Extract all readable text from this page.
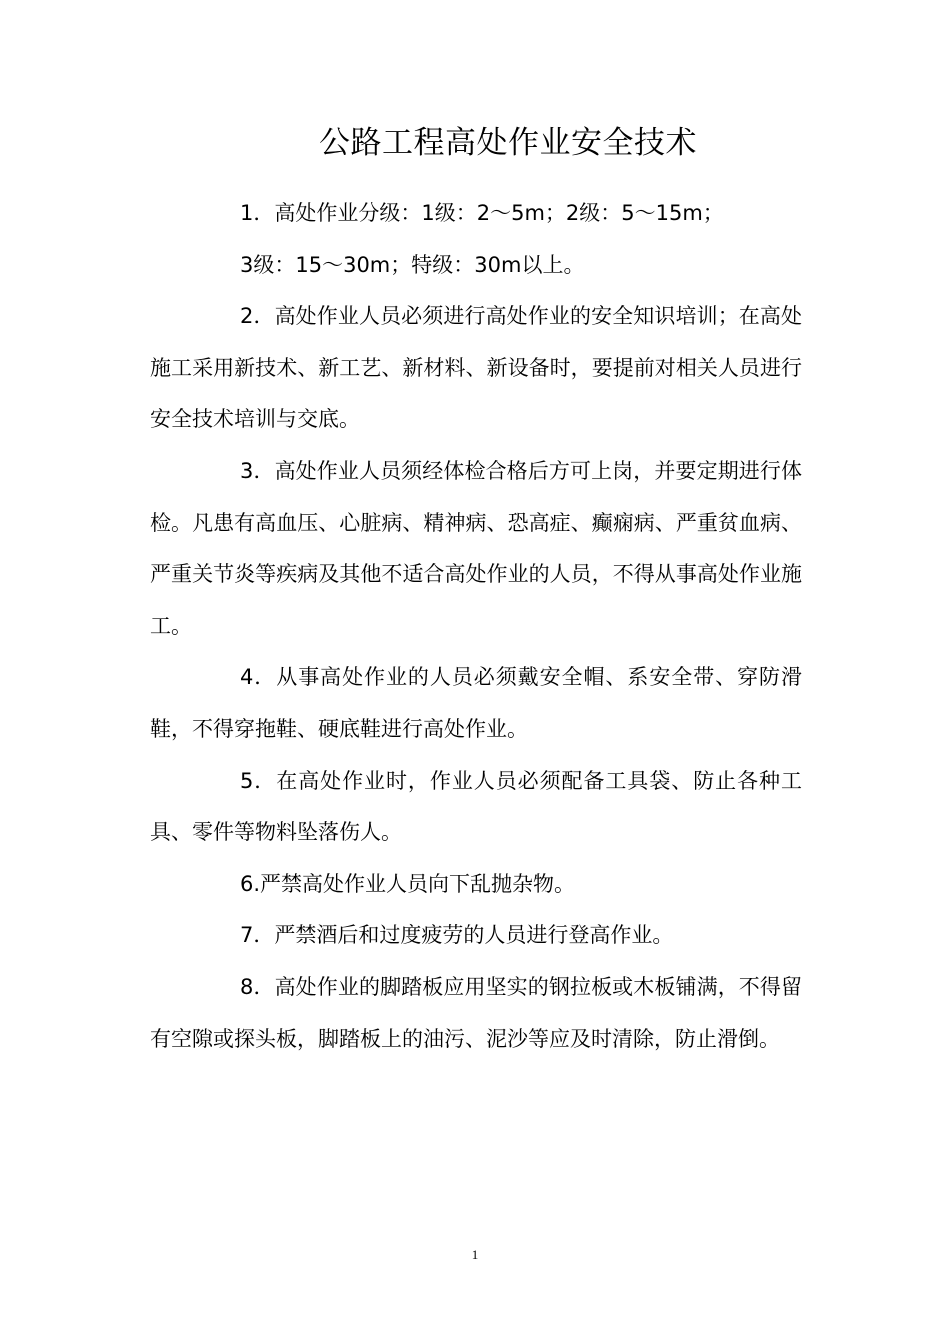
公路工程高处作业安全技术

1．高处作业分级：1级：2～5m；2级：5～15m；

3级：15～30m；特级：30m以上。

2．高处作业人员必须进行高处作业的安全知识培训；在高处施工采用新技术、新工艺、新材料、新设备时，要提前对相关人员进行安全技术培训与交底。

3．高处作业人员须经体检合格后方可上岗，并要定期进行体检。凡患有高血压、心脏病、精神病、恐高症、癫痫病、严重贫血病、严重关节炎等疾病及其他不适合高处作业的人员，不得从事高处作业施工。

4．从事高处作业的人员必须戴安全帽、系安全带、穿防滑鞋，不得穿拖鞋、硬底鞋进行高处作业。

5．在高处作业时，作业人员必须配备工具袋、防止各种工具、零件等物料坠落伤人。

6.严禁高处作业人员向下乱抛杂物。

7．严禁酒后和过度疲劳的人员进行登高作业。

8．高处作业的脚踏板应用坚实的钢拉板或木板铺满，不得留有空隙或探头板，脚踏板上的油污、泥沙等应及时清除，防止滑倒。

1
